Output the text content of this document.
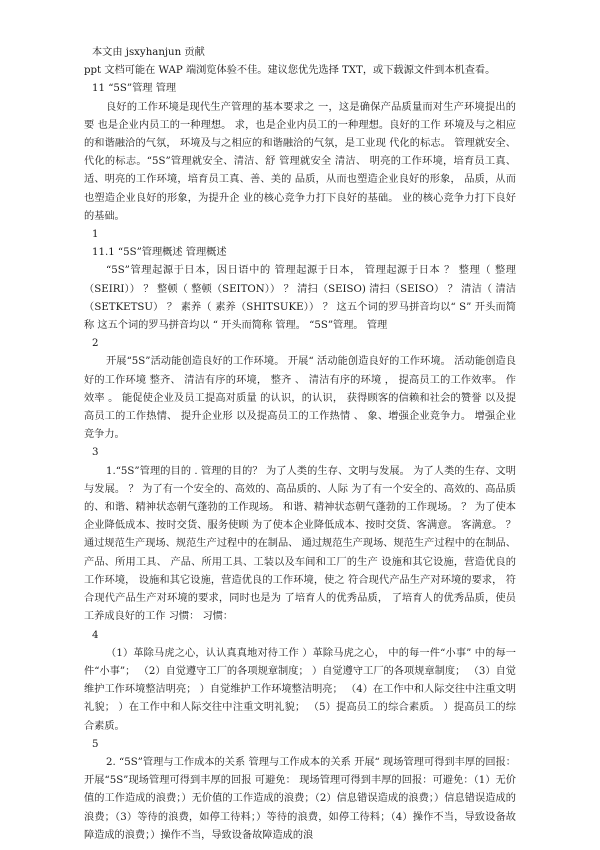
本文由 jsxyhanjun 贡献

ppt 文档可能在 WAP 端浏览体验不佳。建议您优先选择 TXT，或下载源文件到本机查看。

11 “5S”管理 管理

良好的工作环境是现代生产管理的基本要求之 一，这是确保产品质量而对生产环境提出的要 也是企业内员工的一种理想。 求，也是企业内员工的一种理想。良好的工作 环境及与之相应的和谐融洽的气氛， 环境及与之相应的和谐融洽的气氛，是工业现 代化的标志。 管理就安全、 代化的标志。“5S”管理就安全、清洁、舒 管理就安全 清洁、 明亮的工作环境，培育员工真、 适、明亮的工作环境，培育员工真、善、美的 品质，从而也塑造企业良好的形象， 品质，从而也塑造企业良好的形象，为提升企 业的核心竞争力打下良好的基础。 业的核心竞争力打下良好的基础。

1

11.1 “5S”管理概述 管理概述

“5S”管理起源于日本，因日语中的 管理起源于日本， 管理起源于日本 ？ 整理（ 整理（SEIRI）） ？ 整顿（ 整顿（SEITON）） ？ 清扫（SEISO) 清扫（SEISO） ？ 清洁（ 清洁（SETKETSU） ？ 素养（ 素养（SHITSUKE）） ？ 这五个词的罗马拼音均以“ S” 开头而简称 这五个词的罗马拼音均以 “ 开头而简称 管理。 “5S”管理。 管理

2

开展“5S”活动能创造良好的工作环境。 开展“ 活动能创造良好的工作环境。 活动能创造良好的工作环境 整齐、 清洁有序的环境， 整齐 、 清洁有序的环境 ， 提高员工的工作效率。 作效率 。 能促使企业及员工提高对质量 的认识，的认识， 获得顾客的信赖和社会的赞誉 以及提高员工的工作热情、 提升企业形 以及提高员工的工作热情 、 象、增强企业竞争力。 增强企业竞争力。

3

1.“5S”管理的目的 . 管理的目的？ 为了人类的生存、文明与发展。 为了人类的生存、文明与发展。 ？ 为了有一个安全的、高效的、高品质的、人际 为了有一个安全的、高效的、高品质的、和谐、精神状态朝气蓬勃的工作现场。 和谐、精神状态朝气蓬勃的工作现场。 ？ 为了使本企业降低成本、按时交货、服务使顾 为了使本企业降低成本、按时交货、客满意。 客满意。 ？ 通过规范生产现场、规范生产过程中的在制品、 通过规范生产现场、规范生产过程中的在制品、 产品、所用工具、 产品、所用工具、工装以及车间和工厂的生产 设施和其它设施，营造优良的工作环境， 设施和其它设施，营造优良的工作环境，使之 符合现代产品生产对环境的要求， 符合现代产品生产对环境的要求，同时也是为 了培育人的优秀品质， 了培育人的优秀品质，使员工养成良好的工作 习惯： 习惯：

4

（1）革除马虎之心，认认真真地对待工作 ）革除马虎之心， 中的每一件“小事” 中的每一件“小事”； （2）自觉遵守工厂的各项规章制度； ）自觉遵守工厂的各项规章制度； （3）自觉维护工作环境整洁明亮； ）自觉维护工作环境整洁明亮； （4）在工作中和人际交往中注重文明礼貌； ）在工作中和人际交往中注重文明礼貌； （5）提高员工的综合素质。 ）提高员工的综合素质。

5

2. “5S”管理与工作成本的关系 管理与工作成本的关系 开展“ 现场管理可得到丰厚的回报：开展“5S”现场管理可得到丰厚的回报 可避免： 现场管理可得到丰厚的回报：可避免：（1）无价值的工作造成的浪费；）无价值的工作造成的浪费；（2）信息错误造成的浪费；）信息错误造成的浪费；（3）等待的浪费，如停工待料；）等待的浪费，如停工待料；（4）操作不当，导致设备故障造成的浪费；）操作不当，导致设备故障造成的浪
